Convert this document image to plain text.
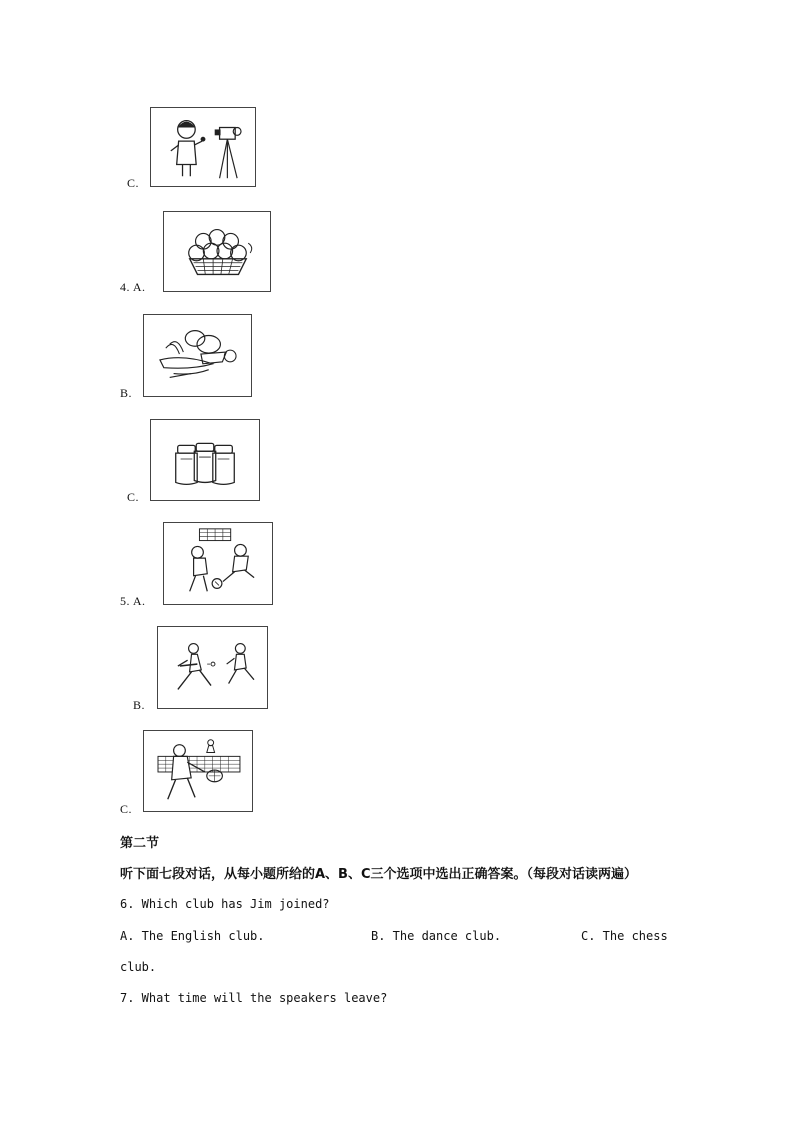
C.
4. A.
B.
C.
5. A.
B.
C.
第二节
听下面七段对话，从每小题所给的A、B、C三个选项中选出正确答案。（每段对话读两遍）
6. Which club has Jim joined?
A. The English club.	B. The dance club.	C. The chess
club.
7. What time will the speakers leave?
